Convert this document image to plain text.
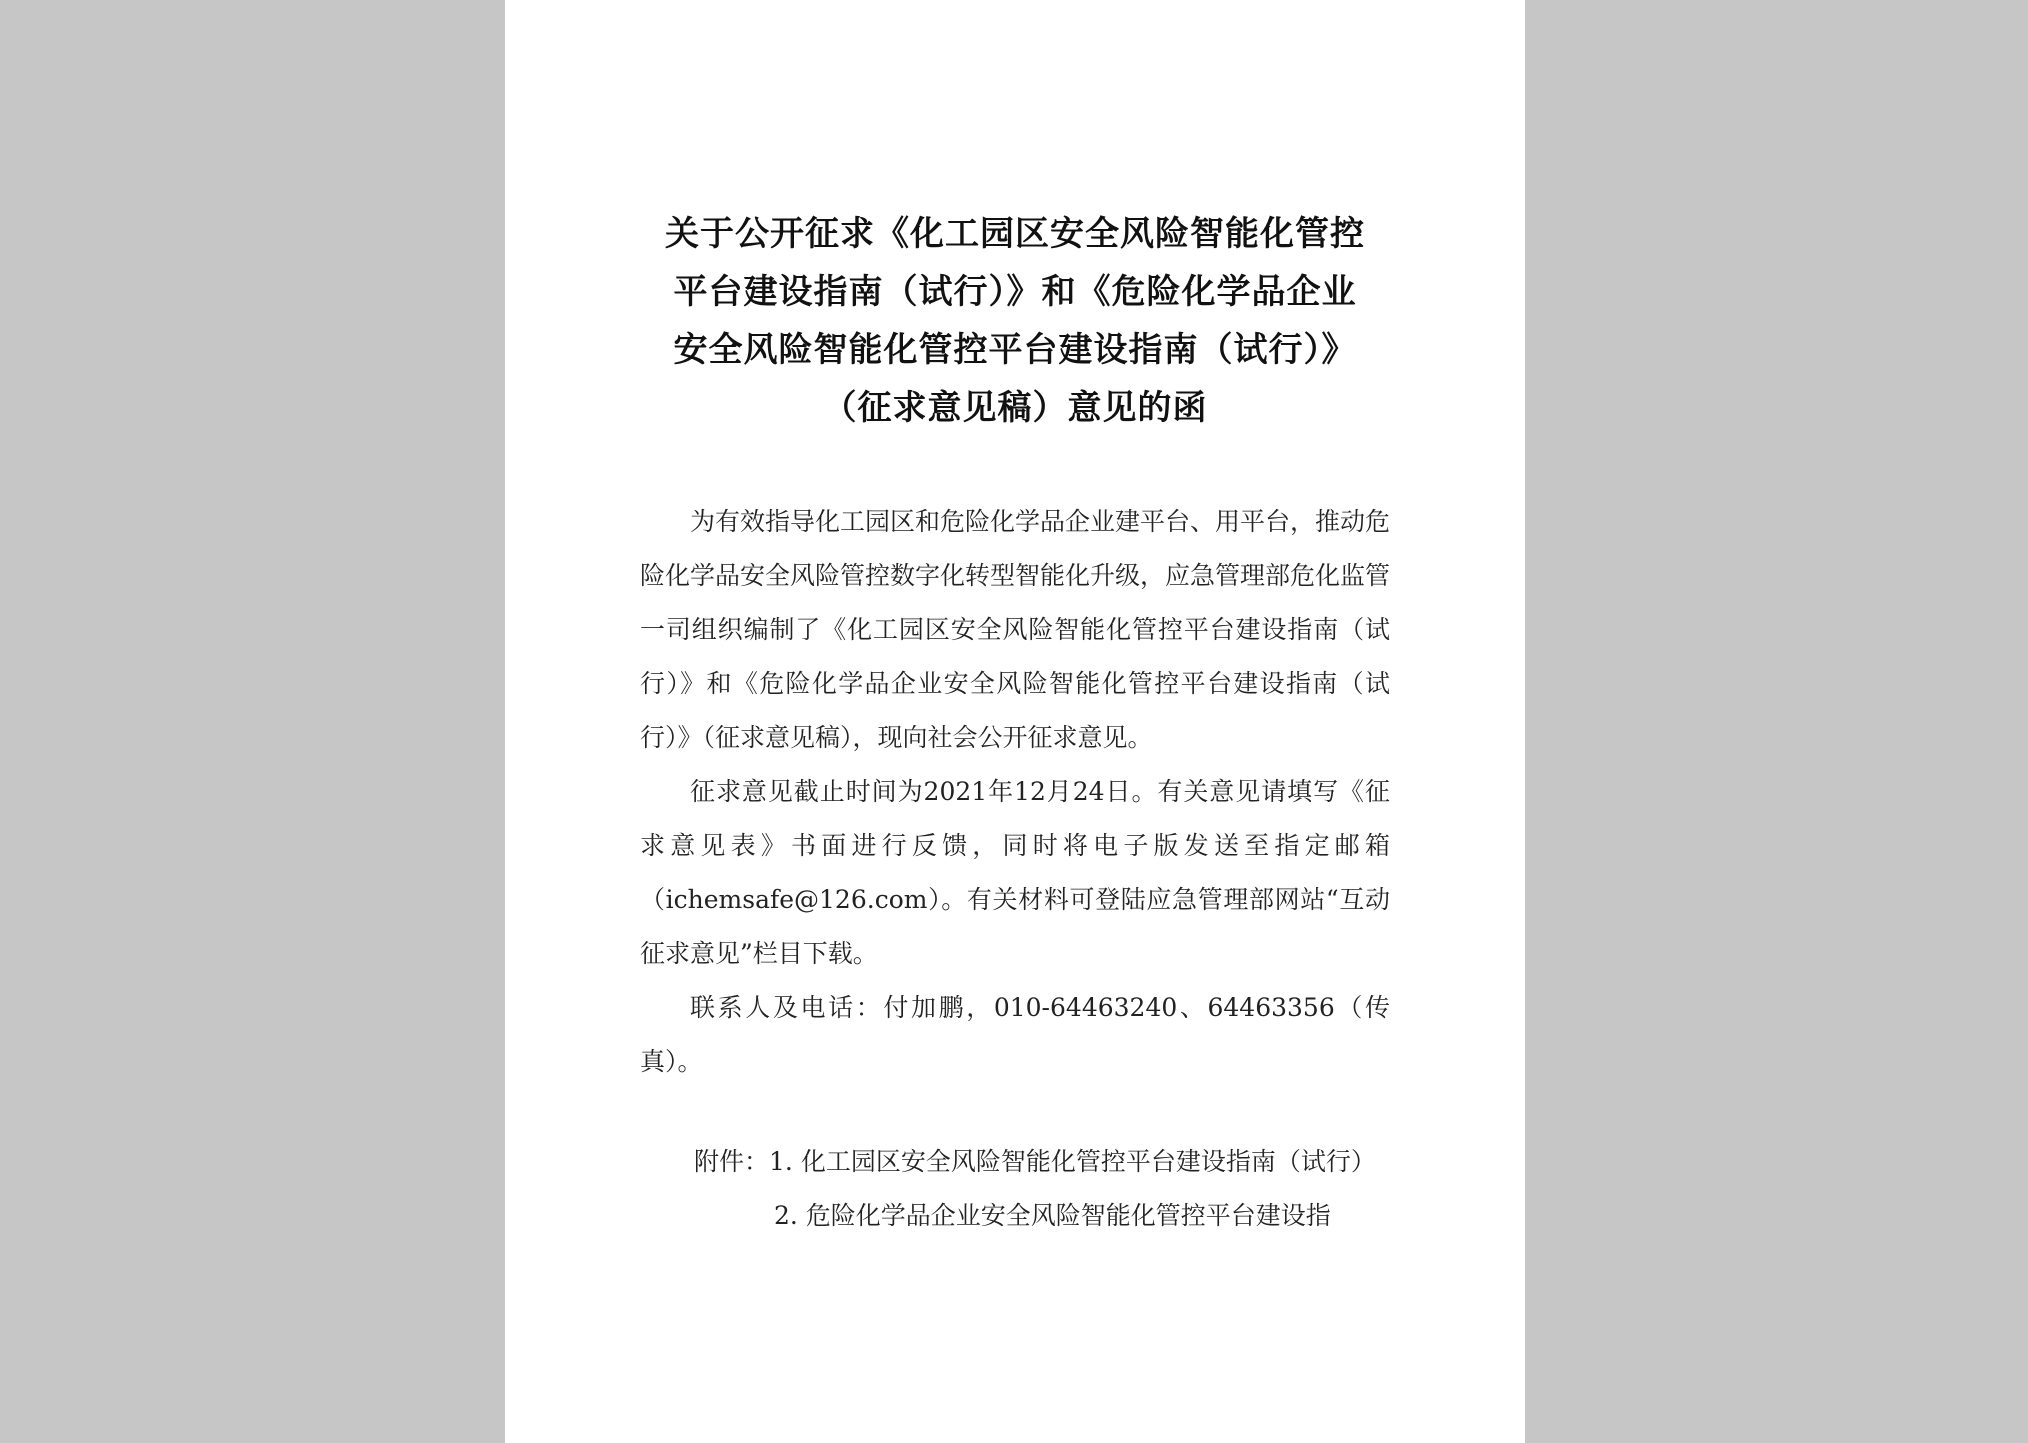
关于公开征求《化工园区安全风险智能化管控
平台建设指南（试行）》和《危险化学品企业
安全风险智能化管控平台建设指南（试行）》
（征求意见稿）意见的函

为有效指导化工园区和危险化学品企业建平台、用平台，推动危险化学品安全风险管控数字化转型智能化升级，应急管理部危化监管一司组织编制了《化工园区安全风险智能化管控平台建设指南（试行）》和《危险化学品企业安全风险智能化管控平台建设指南（试行）》（征求意见稿），现向社会公开征求意见。

征求意见截止时间为2021年12月24日。有关意见请填写《征求意见表》书面进行反馈，同时将电子版发送至指定邮箱（ichemsafe@126.com）。有关材料可登陆应急管理部网站“互动 征求意见”栏目下载。

联系人及电话：付加鹏，010-64463240、64463356（传真）。

附件： 1. 化工园区安全风险智能化管控平台建设指南（试行）
2. 危险化学品企业安全风险智能化管控平台建设指
